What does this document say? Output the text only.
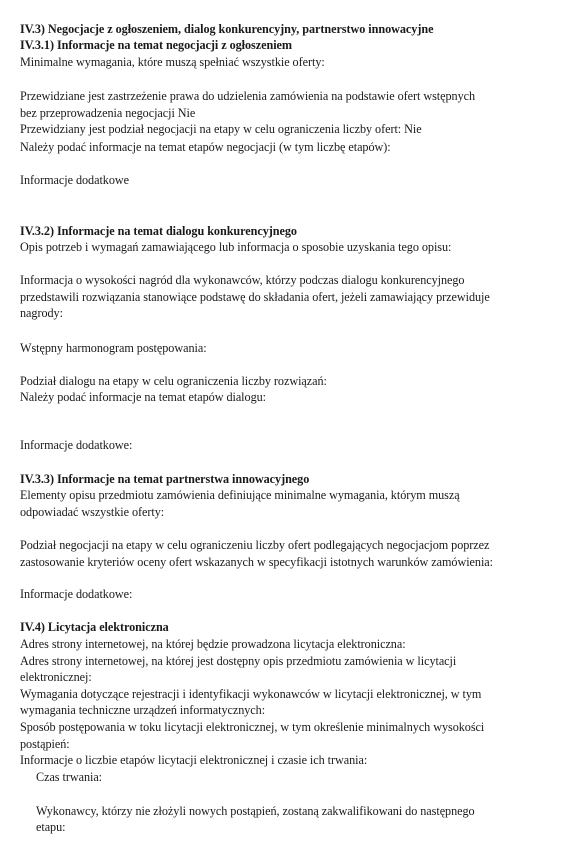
IV.3) Negocjacje z ogłoszeniem, dialog konkurencyjny, partnerstwo innowacyjne
IV.3.1) Informacje na temat negocjacji z ogłoszeniem
Minimalne wymagania, które muszą spełniać wszystkie oferty:
Przewidziane jest zastrzeżenie prawa do udzielenia zamówienia na podstawie ofert wstępnych
bez przeprowadzenia negocjacji Nie
Przewidziany jest podział negocjacji na etapy w celu ograniczenia liczby ofert: Nie
Należy podać informacje na temat etapów negocjacji (w tym liczbę etapów):
Informacje dodatkowe
IV.3.2) Informacje na temat dialogu konkurencyjnego
Opis potrzeb i wymagań zamawiającego lub informacja o sposobie uzyskania tego opisu:
Informacja o wysokości nagród dla wykonawców, którzy podczas dialogu konkurencyjnego
przedstawili rozwiązania stanowiące podstawę do składania ofert, jeżeli zamawiający przewiduje
nagrody:
Wstępny harmonogram postępowania:
Podział dialogu na etapy w celu ograniczenia liczby rozwiązań:
Należy podać informacje na temat etapów dialogu:
Informacje dodatkowe:
IV.3.3) Informacje na temat partnerstwa innowacyjnego
Elementy opisu przedmiotu zamówienia definiujące minimalne wymagania, którym muszą
odpowiadać wszystkie oferty:
Podział negocjacji na etapy w celu ograniczeniu liczby ofert podlegających negocjacjom poprzez
zastosowanie kryteriów oceny ofert wskazanych w specyfikacji istotnych warunków zamówienia:
Informacje dodatkowe:
IV.4) Licytacja elektroniczna
Adres strony internetowej, na której będzie prowadzona licytacja elektroniczna:
Adres strony internetowej, na której jest dostępny opis przedmiotu zamówienia w licytacji
elektronicznej:
Wymagania dotyczące rejestracji i identyfikacji wykonawców w licytacji elektronicznej, w tym
wymagania techniczne urządzeń informatycznych:
Sposób postępowania w toku licytacji elektronicznej, w tym określenie minimalnych wysokości
postąpień:
Informacje o liczbie etapów licytacji elektronicznej i czasie ich trwania:
Czas trwania:
Wykonawcy, którzy nie złożyli nowych postąpień, zostaną zakwalifikowani do następnego
etapu:
